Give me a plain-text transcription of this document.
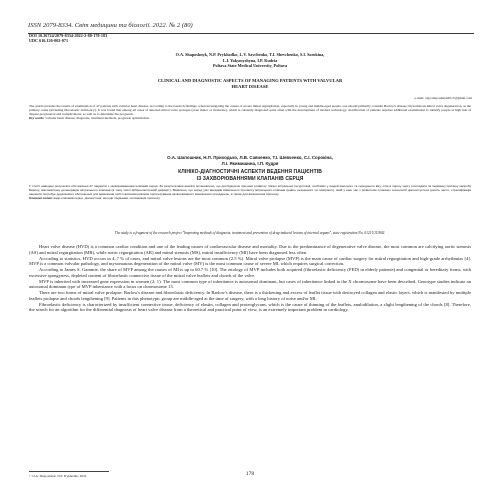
ISSN 2079-8334. Світ медицини та біології. 2022. № 2 (80)
DOI 10.26724/2079-8334-2022-2-80-178-183
UDC 616.126-002-071
O.A. Shaposhnyk, N.P. Prykhodko, L.V. Savchenko, T.I. Shevchenko, S.I. Sorokina,
L.I. Yakymyshyna, I.P. Kudria
Poltava State Medical University, Poltava
CLINICAL AND DIAGNOSTIC ASPECTS OF MANAGING PATIENTS WITH VALVULAR
HEART DISEASE
e-mail: olga.shaposhnyk2017@gmail.com
The article presents the results of examination of 47 patients with valvular heart disease. According to the research findings, when investigating the causes of severe mitral regurgitation, especially in young and middle-aged people, one should primarily consider Barlow's disease; myxomatous mitral valve degeneration, as the primary cause (including fibroelastic deficiency). It was found that among all cases of detected mitral valve prolapse (even minor or moderate), which is currently diagnosed quite often with the development of modern technology, stratification of patients requires additional examination to identify people at high risk of disease progression and complications, as well as to determine the prognosis.
Key words: valvular heart disease, diagnosis, treatment methods, prognosis optimization.
О.А. Шапошник, Н.П. Приходько, Л.В. Савченко, Т.І. Шевченко, С.І. Сорокіна,
Л.І. Якимишина, І.П. Кудря
КЛІНІКО-ДІАГНОСТИЧНІ АСПЕКТИ ВЕДЕННЯ ПАЦІЄНТІВ
ІЗ ЗАХВОРЮВАННЯМИ КЛАПАНІВ СЕРЦЯ
У статті наведені результати обстеження 47 пацієнтів з захворюваннями клапанів серця. За результатами аналізу встановлено, що досліджуючи причини розвитку тяжкої мітральної регургітації, особливо у людей молодого та середнього віку, слід в першу чергу розглядати як первинну причину хворобу Барлоу, міксоматозну дегенерацію мітрального клапана (в тому числі фіброеластичний дефіцит). Виявлено, що серед усіх випадків виявленого пролапсу мітрального клапана (навіть незначного чи помірного), який у наш час з розвитком сучасних технологій діагностується досить часто, стратифікація пацієнтів потребує додаткового обстеження для виявлення осіб із високим ризиком прогресування захворювання і виникнення ускладнень, а також для визначення прогнозу.
Ключові слова: вади клапанів серця, діагностика, методи лікування, оптимізація прогнозу.
The study is a fragment of the research project "Improving methods of diagnosis, treatment and prevention of drug-induced lesions of internal organs", state registration No. 0121U111802.

Heart valve disease (HVD) is a common cardiac condition and one of the leading causes of cardiovascular disease and mortality. Due to the predominance of degenerative valve disease, the most common are calcifying aortic stenosis (AS) and mitral regurgitation (MR), while aortic regurgitation (AR) and mitral stenosis (MS), mitral insufficiency (MI) have been diagnosed less often.

According to statistics, HVD occurs in 4–7 % of cases, and mitral valve lesions are the most common (2.5 %). Mitral valve prolapse (MVP) is the main cause of cardiac surgery for mitral regurgitation and high-grade arrhythmias [4]. MVP is a common valvular pathology, and myxomatous degeneration of the mitral valve (MV) is the most common cause of severe MI, which requires surgical correction.

According to James S. Gammie, the share of MVP among the causes of MI is up to 60.7 % [10]. The etiology of MVP includes both acquired (fibroelastic deficiency (FED) in elderly patients) and congenital or hereditary forms, with excessive spongyness, depleted content of fibroelastic connective tissue of the mitral valve leaflets and chords of the valve.

MVP is inherited with increased gene expression in women (2: 1). The most common type of inheritance is autosomal dominant, but cases of inheritance linked to the X chromosome have been described. Genotype studies indicate an autosomal dominant type of MVP inheritance with a locus on chromosome 13.

There are two forms of mitral valve prolapse: Barlow's disease and fibroelastic deficiency. In Barlow's disease, there is a thickening and excess of leaflet tissue with destroyed collagen and elastic layers, which is manifested by multiple leaflets prolapse and chords lengthening [9]. Patients in this phenotypic group are middle-aged at the time of surgery, with a long history of noise and/or MI.

Fibroelastic deficiency is characterized by insufficient connective tissue, deficiency of elastin, collagen and proteoglycans, which is the cause of thinning of the leaflets, anulodilation, a slight lengthening of the chords [8]. Therefore, the search for an algorithm for the differential diagnosis of heart valve disease from a theoretical and practical point of view, is an extremely important problem in cardiology.

© O.A. Shaposhnyk, N.P. Prykhodko, 2022	178
